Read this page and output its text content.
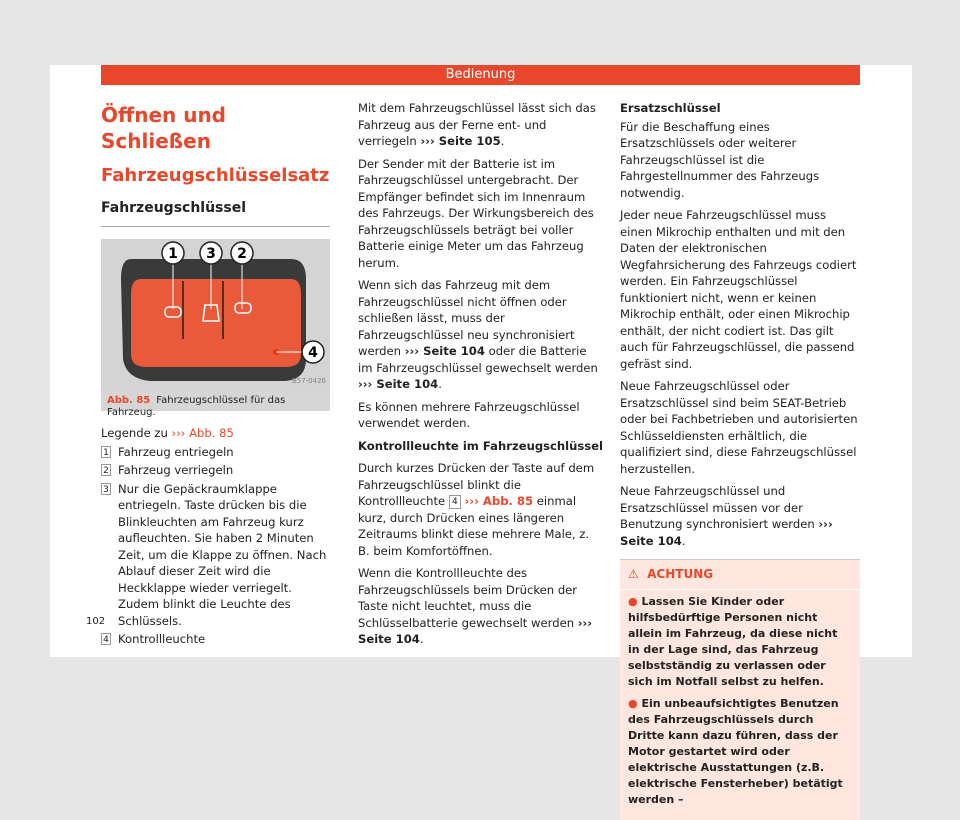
Bedienung
Öffnen und Schließen
Fahrzeugschlüsselsatz
Fahrzeugschlüssel
1 3 2
4
B57-0426
Abb. 85 Fahrzeugschlüssel für das Fahrzeug.
Legende zu ››› Abb. 85
1 Fahrzeug entriegeln
2 Fahrzeug verriegeln
3 Nur die Gepäckraumklappe entriegeln. Taste drücken bis die Blinkleuchten am Fahrzeug kurz aufleuchten. Sie haben 2 Minuten Zeit, um die Klappe zu öffnen. Nach Ablauf dieser Zeit wird die Heckklappe wieder verriegelt. Zudem blinkt die Leuchte des Schlüssels.
4 Kontrollleuchte

Mit dem Fahrzeugschlüssel lässt sich das Fahrzeug aus der Ferne ent- und verriegeln ››› Seite 105.

Der Sender mit der Batterie ist im Fahrzeugschlüssel untergebracht. Der Empfänger befindet sich im Innenraum des Fahrzeugs. Der Wirkungsbereich des Fahrzeugschlüssels beträgt bei voller Batterie einige Meter um das Fahrzeug herum.

Wenn sich das Fahrzeug mit dem Fahrzeugschlüssel nicht öffnen oder schließen lässt, muss der Fahrzeugschlüssel neu synchronisiert werden ››› Seite 104 oder die Batterie im Fahrzeugschlüssel gewechselt werden ››› Seite 104.

Es können mehrere Fahrzeugschlüssel verwendet werden.

Kontrollleuchte im Fahrzeugschlüssel

Durch kurzes Drücken der Taste auf dem Fahrzeugschlüssel blinkt die Kontrollleuchte 4 ››› Abb. 85 einmal kurz, durch Drücken eines längeren Zeitraums blinkt diese mehrere Male, z. B. beim Komfortöffnen.

Wenn die Kontrollleuchte des Fahrzeugschlüssels beim Drücken der Taste nicht leuchtet, muss die Schlüsselbatterie gewechselt werden ››› Seite 104.

Ersatzschlüssel

Für die Beschaffung eines Ersatzschlüssels oder weiterer Fahrzeugschlüssel ist die Fahrgestellnummer des Fahrzeugs notwendig.

Jeder neue Fahrzeugschlüssel muss einen Mikrochip enthalten und mit den Daten der elektronischen Wegfahrsicherung des Fahrzeugs codiert werden. Ein Fahrzeugschlüssel funktioniert nicht, wenn er keinen Mikrochip enthält, oder einen Mikrochip enthält, der nicht codiert ist. Das gilt auch für Fahrzeugschlüssel, die passend gefräst sind.

Neue Fahrzeugschlüssel oder Ersatzschlüssel sind beim SEAT-Betrieb oder bei Fachbetrieben und autorisierten Schlüsseldiensten erhältlich, die qualifiziert sind, diese Fahrzeugschlüssel herzustellen.

Neue Fahrzeugschlüssel und Ersatzschlüssel müssen vor der Benutzung synchronisiert werden ››› Seite 104.

⚠ ACHTUNG
● Lassen Sie Kinder oder hilfsbedürftige Personen nicht allein im Fahrzeug, da diese nicht in der Lage sind, das Fahrzeug selbstständig zu verlassen oder sich im Notfall selbst zu helfen.
● Ein unbeaufsichtigtes Benutzen des Fahrzeugschlüssels durch Dritte kann dazu führen, dass der Motor gestartet wird oder elektrische Ausstattungen (z.B. elektrische Fensterheber) betätigt werden –
102
